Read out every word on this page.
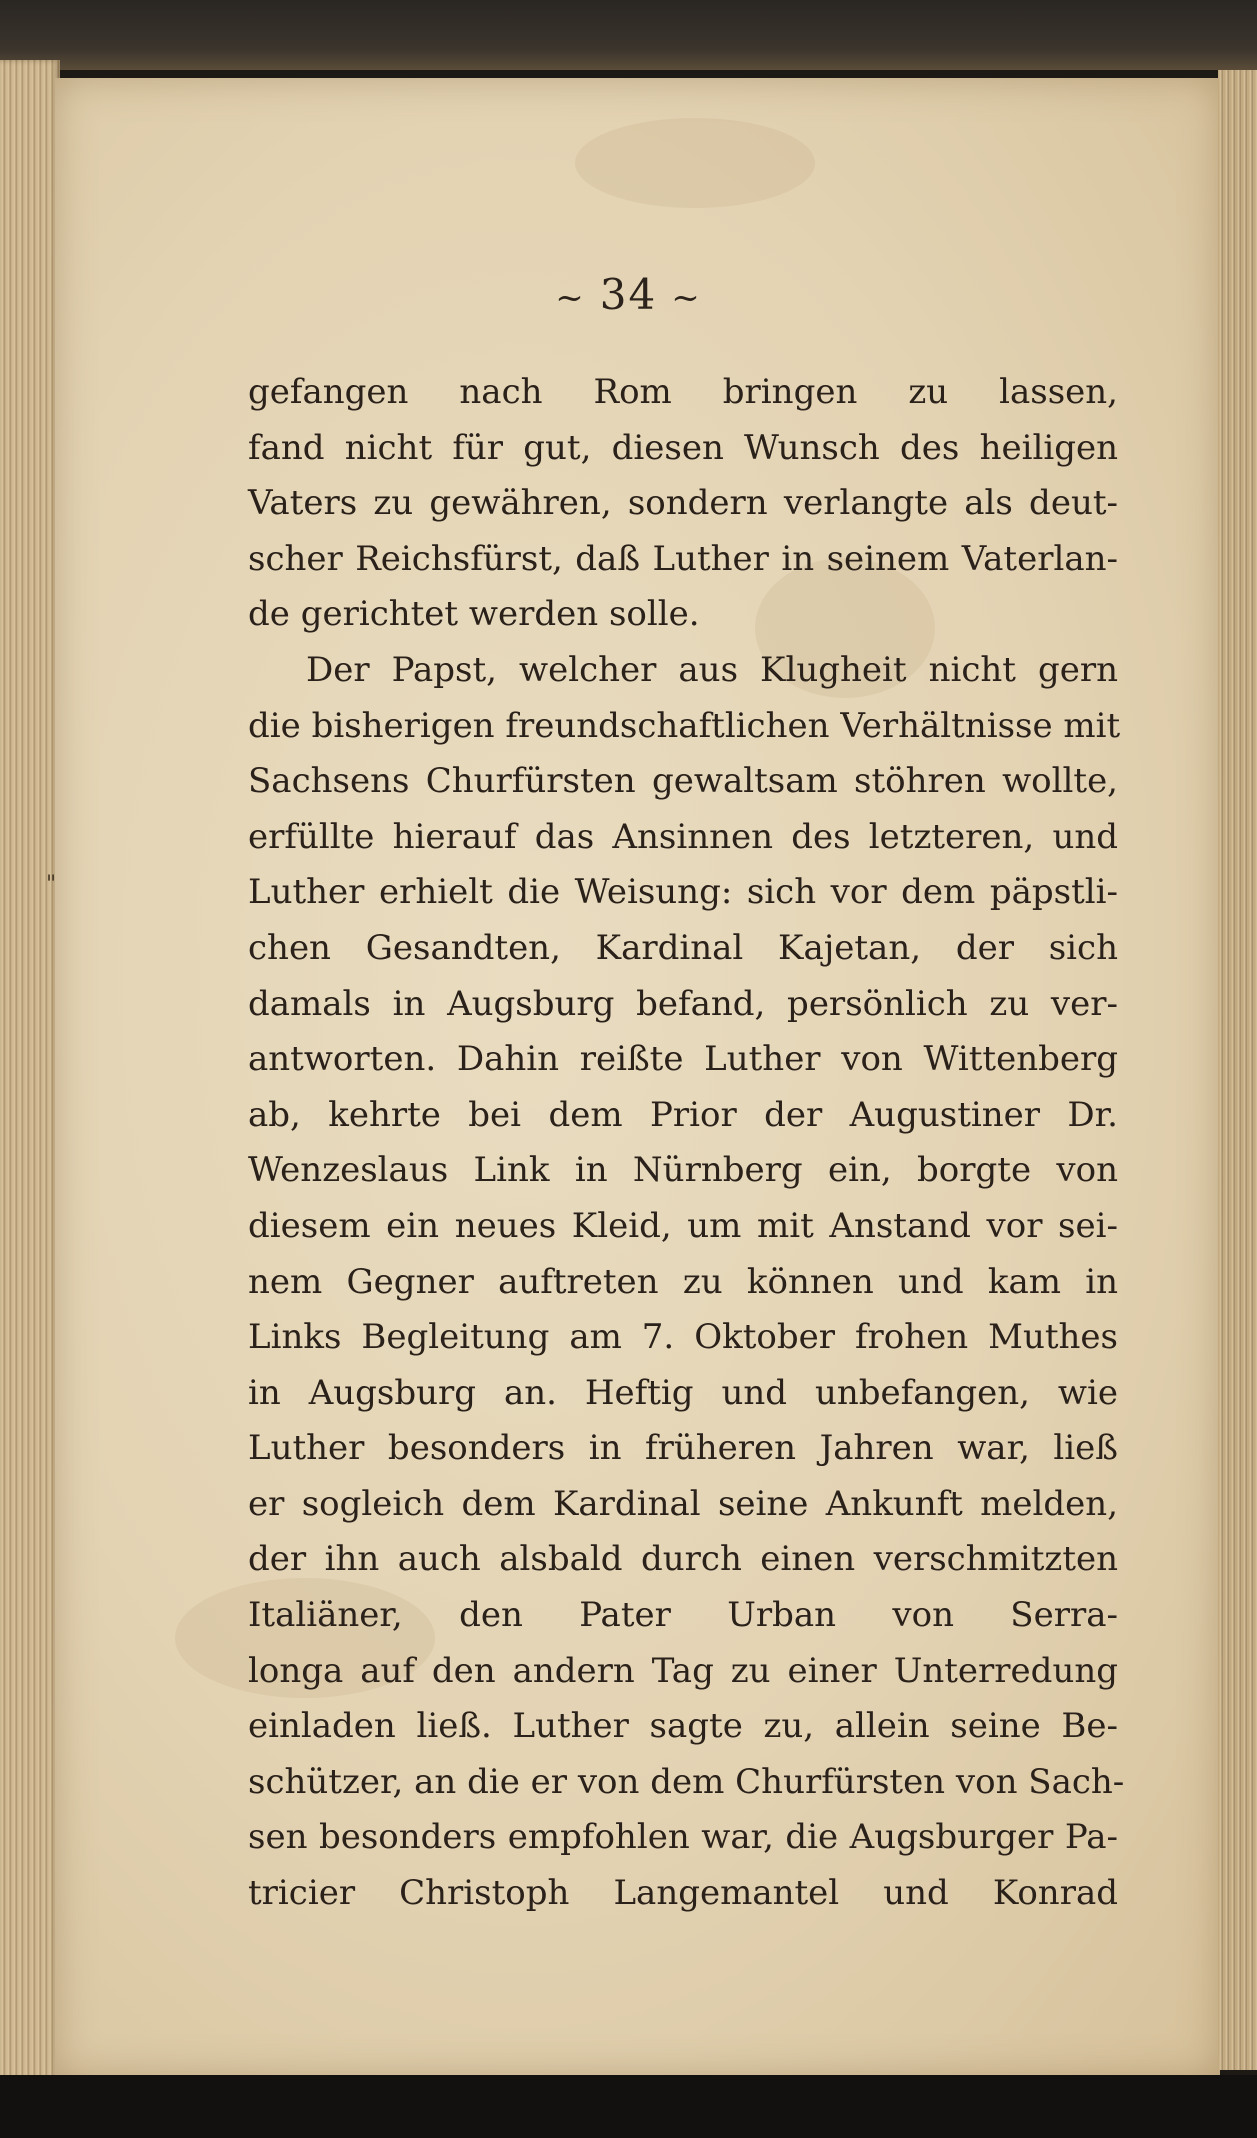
"
~ 34 ~
gefangen nach Rom bringen zu lassen,
fand nicht für gut, diesen Wunsch des heiligen
Vaters zu gewähren, sondern verlangte als deut-
scher Reichsfürst, daß Luther in seinem Vaterlan-
de gerichtet werden solle.
Der Papst, welcher aus Klugheit nicht gern
die bisherigen freundschaftlichen Verhältnisse mit
Sachsens Churfürsten gewaltsam stöhren wollte,
erfüllte hierauf das Ansinnen des letzteren, und
Luther erhielt die Weisung: sich vor dem päpstli-
chen Gesandten, Kardinal Kajetan, der sich
damals in Augsburg befand, persönlich zu ver-
antworten. Dahin reißte Luther von Wittenberg
ab, kehrte bei dem Prior der Augustiner Dr.
Wenzeslaus Link in Nürnberg ein, borgte von
diesem ein neues Kleid, um mit Anstand vor sei-
nem Gegner auftreten zu können und kam in
Links Begleitung am 7. Oktober frohen Muthes
in Augsburg an. Heftig und unbefangen, wie
Luther besonders in früheren Jahren war, ließ
er sogleich dem Kardinal seine Ankunft melden,
der ihn auch alsbald durch einen verschmitzten
Italiäner, den Pater Urban von Serra-
longa auf den andern Tag zu einer Unterredung
einladen ließ. Luther sagte zu, allein seine Be-
schützer, an die er von dem Churfürsten von Sach-
sen besonders empfohlen war, die Augsburger Pa-
tricier Christoph Langemantel und Konrad
